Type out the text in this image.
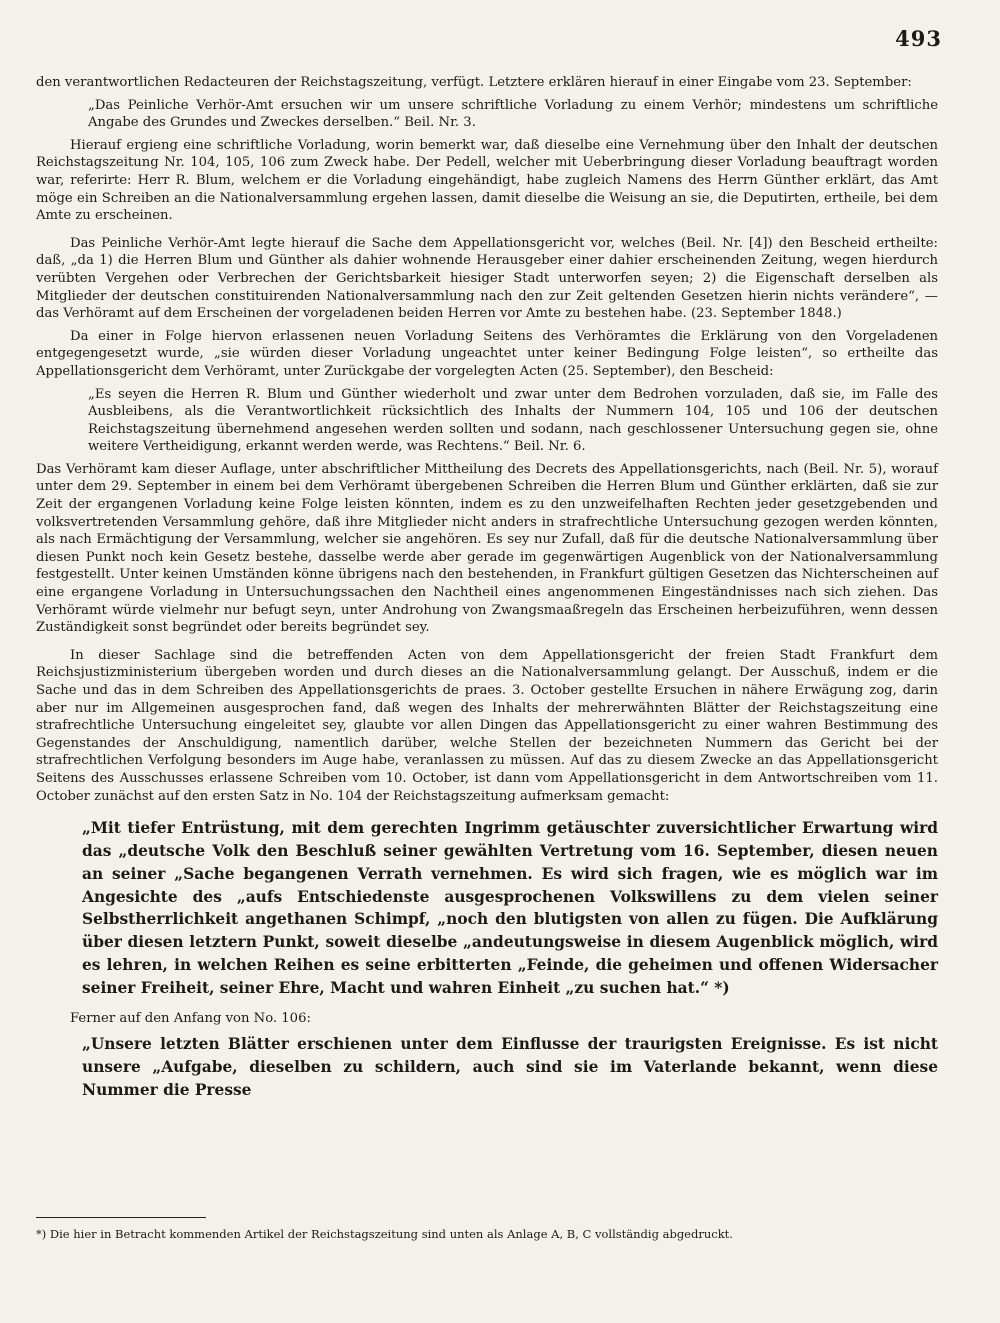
493

den verantwortlichen Redacteuren der Reichstagszeitung, verfügt. Letztere erklären hierauf in einer Eingabe vom 23. September:

„Das Peinliche Verhör-Amt ersuchen wir um unsere schriftliche Vorladung zu einem Verhör; mindestens um schriftliche Angabe des Grundes und Zweckes derselben.“ Beil. Nr. 3.

Hierauf ergieng eine schriftliche Vorladung, worin bemerkt war, daß dieselbe eine Vernehmung über den Inhalt der deutschen Reichstagszeitung Nr. 104, 105, 106 zum Zweck habe. Der Pedell, welcher mit Ueberbringung dieser Vorladung beauftragt worden war, referirte: Herr R. Blum, welchem er die Vorladung eingehändigt, habe zugleich Namens des Herrn Günther erklärt, das Amt möge ein Schreiben an die Nationalversammlung ergehen lassen, damit dieselbe die Weisung an sie, die Deputirten, ertheile, bei dem Amte zu erscheinen.

Das Peinliche Verhör-Amt legte hierauf die Sache dem Appellationsgericht vor, welches (Beil. Nr. [4]) den Bescheid ertheilte: daß, „da 1) die Herren Blum und Günther als dahier wohnende Herausgeber einer dahier erscheinenden Zeitung, wegen hierdurch verübten Vergehen oder Verbrechen der Gerichtsbarkeit hiesiger Stadt unterworfen seyen; 2) die Eigenschaft derselben als Mitglieder der deutschen constituirenden Nationalversammlung nach den zur Zeit geltenden Gesetzen hierin nichts verändere“, — das Verhöramt auf dem Erscheinen der vorgeladenen beiden Herren vor Amte zu bestehen habe. (23. September 1848.)

Da einer in Folge hiervon erlassenen neuen Vorladung Seitens des Verhöramtes die Erklärung von den Vorgeladenen entgegengesetzt wurde, „sie würden dieser Vorladung ungeachtet unter keiner Bedingung Folge leisten“, so ertheilte das Appellationsgericht dem Verhöramt, unter Zurückgabe der vorgelegten Acten (25. September), den Bescheid:

„Es seyen die Herren R. Blum und Günther wiederholt und zwar unter dem Bedrohen vorzuladen, daß sie, im Falle des Ausbleibens, als die Verantwortlichkeit rücksichtlich des Inhalts der Nummern 104, 105 und 106 der deutschen Reichstagszeitung übernehmend angesehen werden sollten und sodann, nach geschlossener Untersuchung gegen sie, ohne weitere Vertheidigung, erkannt werden werde, was Rechtens.“ Beil. Nr. 6.

Das Verhöramt kam dieser Auflage, unter abschriftlicher Mittheilung des Decrets des Appellationsgerichts, nach (Beil. Nr. 5), worauf unter dem 29. September in einem bei dem Verhöramt übergebenen Schreiben die Herren Blum und Günther erklärten, daß sie zur Zeit der ergangenen Vorladung keine Folge leisten könnten, indem es zu den unzweifelhaften Rechten jeder gesetzgebenden und volksvertretenden Versammlung gehöre, daß ihre Mitglieder nicht anders in strafrechtliche Untersuchung gezogen werden könnten, als nach Ermächtigung der Versammlung, welcher sie angehören. Es sey nur Zufall, daß für die deutsche Nationalversammlung über diesen Punkt noch kein Gesetz bestehe, dasselbe werde aber gerade im gegenwärtigen Augenblick von der Nationalversammlung festgestellt. Unter keinen Umständen könne übrigens nach den bestehenden, in Frankfurt gültigen Gesetzen das Nichterscheinen auf eine ergangene Vorladung in Untersuchungssachen den Nachtheil eines angenommenen Eingeständnisses nach sich ziehen. Das Verhöramt würde vielmehr nur befugt seyn, unter Androhung von Zwangsmaaßregeln das Erscheinen herbeizuführen, wenn dessen Zuständigkeit sonst begründet oder bereits begründet sey.

In dieser Sachlage sind die betreffenden Acten von dem Appellationsgericht der freien Stadt Frankfurt dem Reichsjustizministerium übergeben worden und durch dieses an die Nationalversammlung gelangt. Der Ausschuß, indem er die Sache und das in dem Schreiben des Appellationsgerichts de praes. 3. October gestellte Ersuchen in nähere Erwägung zog, darin aber nur im Allgemeinen ausgesprochen fand, daß wegen des Inhalts der mehrerwähnten Blätter der Reichstagszeitung eine strafrechtliche Untersuchung eingeleitet sey, glaubte vor allen Dingen das Appellationsgericht zu einer wahren Bestimmung des Gegenstandes der Anschuldigung, namentlich darüber, welche Stellen der bezeichneten Nummern das Gericht bei der strafrechtlichen Verfolgung besonders im Auge habe, veranlassen zu müssen. Auf das zu diesem Zwecke an das Appellationsgericht Seitens des Ausschusses erlassene Schreiben vom 10. October, ist dann vom Appellationsgericht in dem Antwortschreiben vom 11. October zunächst auf den ersten Satz in No. 104 der Reichstagszeitung aufmerksam gemacht:

„Mit tiefer Entrüstung, mit dem gerechten Ingrimm getäuschter zuversichtlicher Erwartung wird das „deutsche Volk den Beschluß seiner gewählten Vertretung vom 16. September, diesen neuen an seiner „Sache begangenen Verrath vernehmen. Es wird sich fragen, wie es möglich war im Angesichte des „aufs Entschiedenste ausgesprochenen Volkswillens zu dem vielen seiner Selbstherrlichkeit angethanen Schimpf, „noch den blutigsten von allen zu fügen. Die Aufklärung über diesen letztern Punkt, soweit dieselbe „andeutungsweise in diesem Augenblick möglich, wird es lehren, in welchen Reihen es seine erbitterten „Feinde, die geheimen und offenen Widersacher seiner Freiheit, seiner Ehre, Macht und wahren Einheit „zu suchen hat.“ *)

Ferner auf den Anfang von No. 106:

„Unsere letzten Blätter erschienen unter dem Einflusse der traurigsten Ereignisse. Es ist nicht unsere „Aufgabe, dieselben zu schildern, auch sind sie im Vaterlande bekannt, wenn diese Nummer die Presse

*) Die hier in Betracht kommenden Artikel der Reichstagszeitung sind unten als Anlage A, B, C vollständig abgedruckt.
